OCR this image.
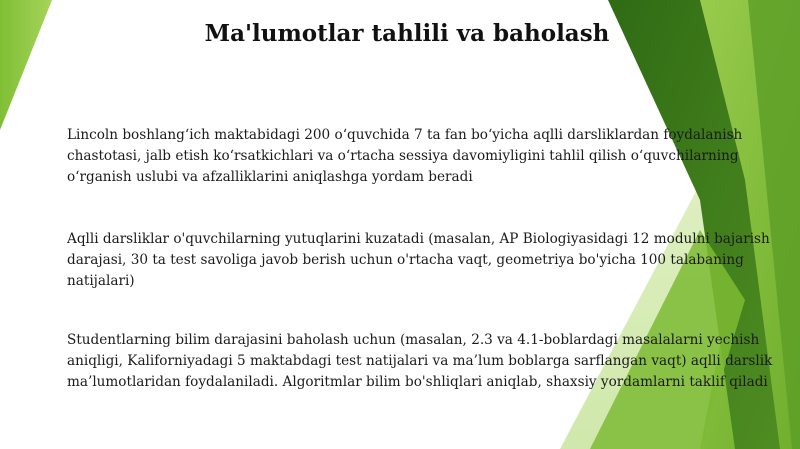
Ma'lumotlar tahlili va baholash

Lincoln boshlang‘ich maktabidagi 200 o‘quvchida 7 ta fan bo‘yicha aqlli darsliklardan foydalanish chastotasi, jalb etish ko‘rsatkichlari va o‘rtacha sessiya davomiyligini tahlil qilish o‘quvchilarning o‘rganish uslubi va afzalliklarini aniqlashga yordam beradi

Aqlli darsliklar o'quvchilarning yutuqlarini kuzatadi (masalan, AP Biologiyasidagi 12 modulni bajarish darajasi, 30 ta test savoliga javob berish uchun o'rtacha vaqt, geometriya bo'yicha 100 talabaning natijalari)

Studentlarning bilim darajasini baholash uchun (masalan, 2.3 va 4.1-boblardagi masalalarni yechish aniqligi, Kaliforniyadagi 5 maktabdagi test natijalari va ma’lum boblarga sarflangan vaqt) aqlli darslik ma’lumotlaridan foydalaniladi. Algoritmlar bilim bo'shliqlari aniqlab, shaxsiy yordamlarni taklif qiladi
